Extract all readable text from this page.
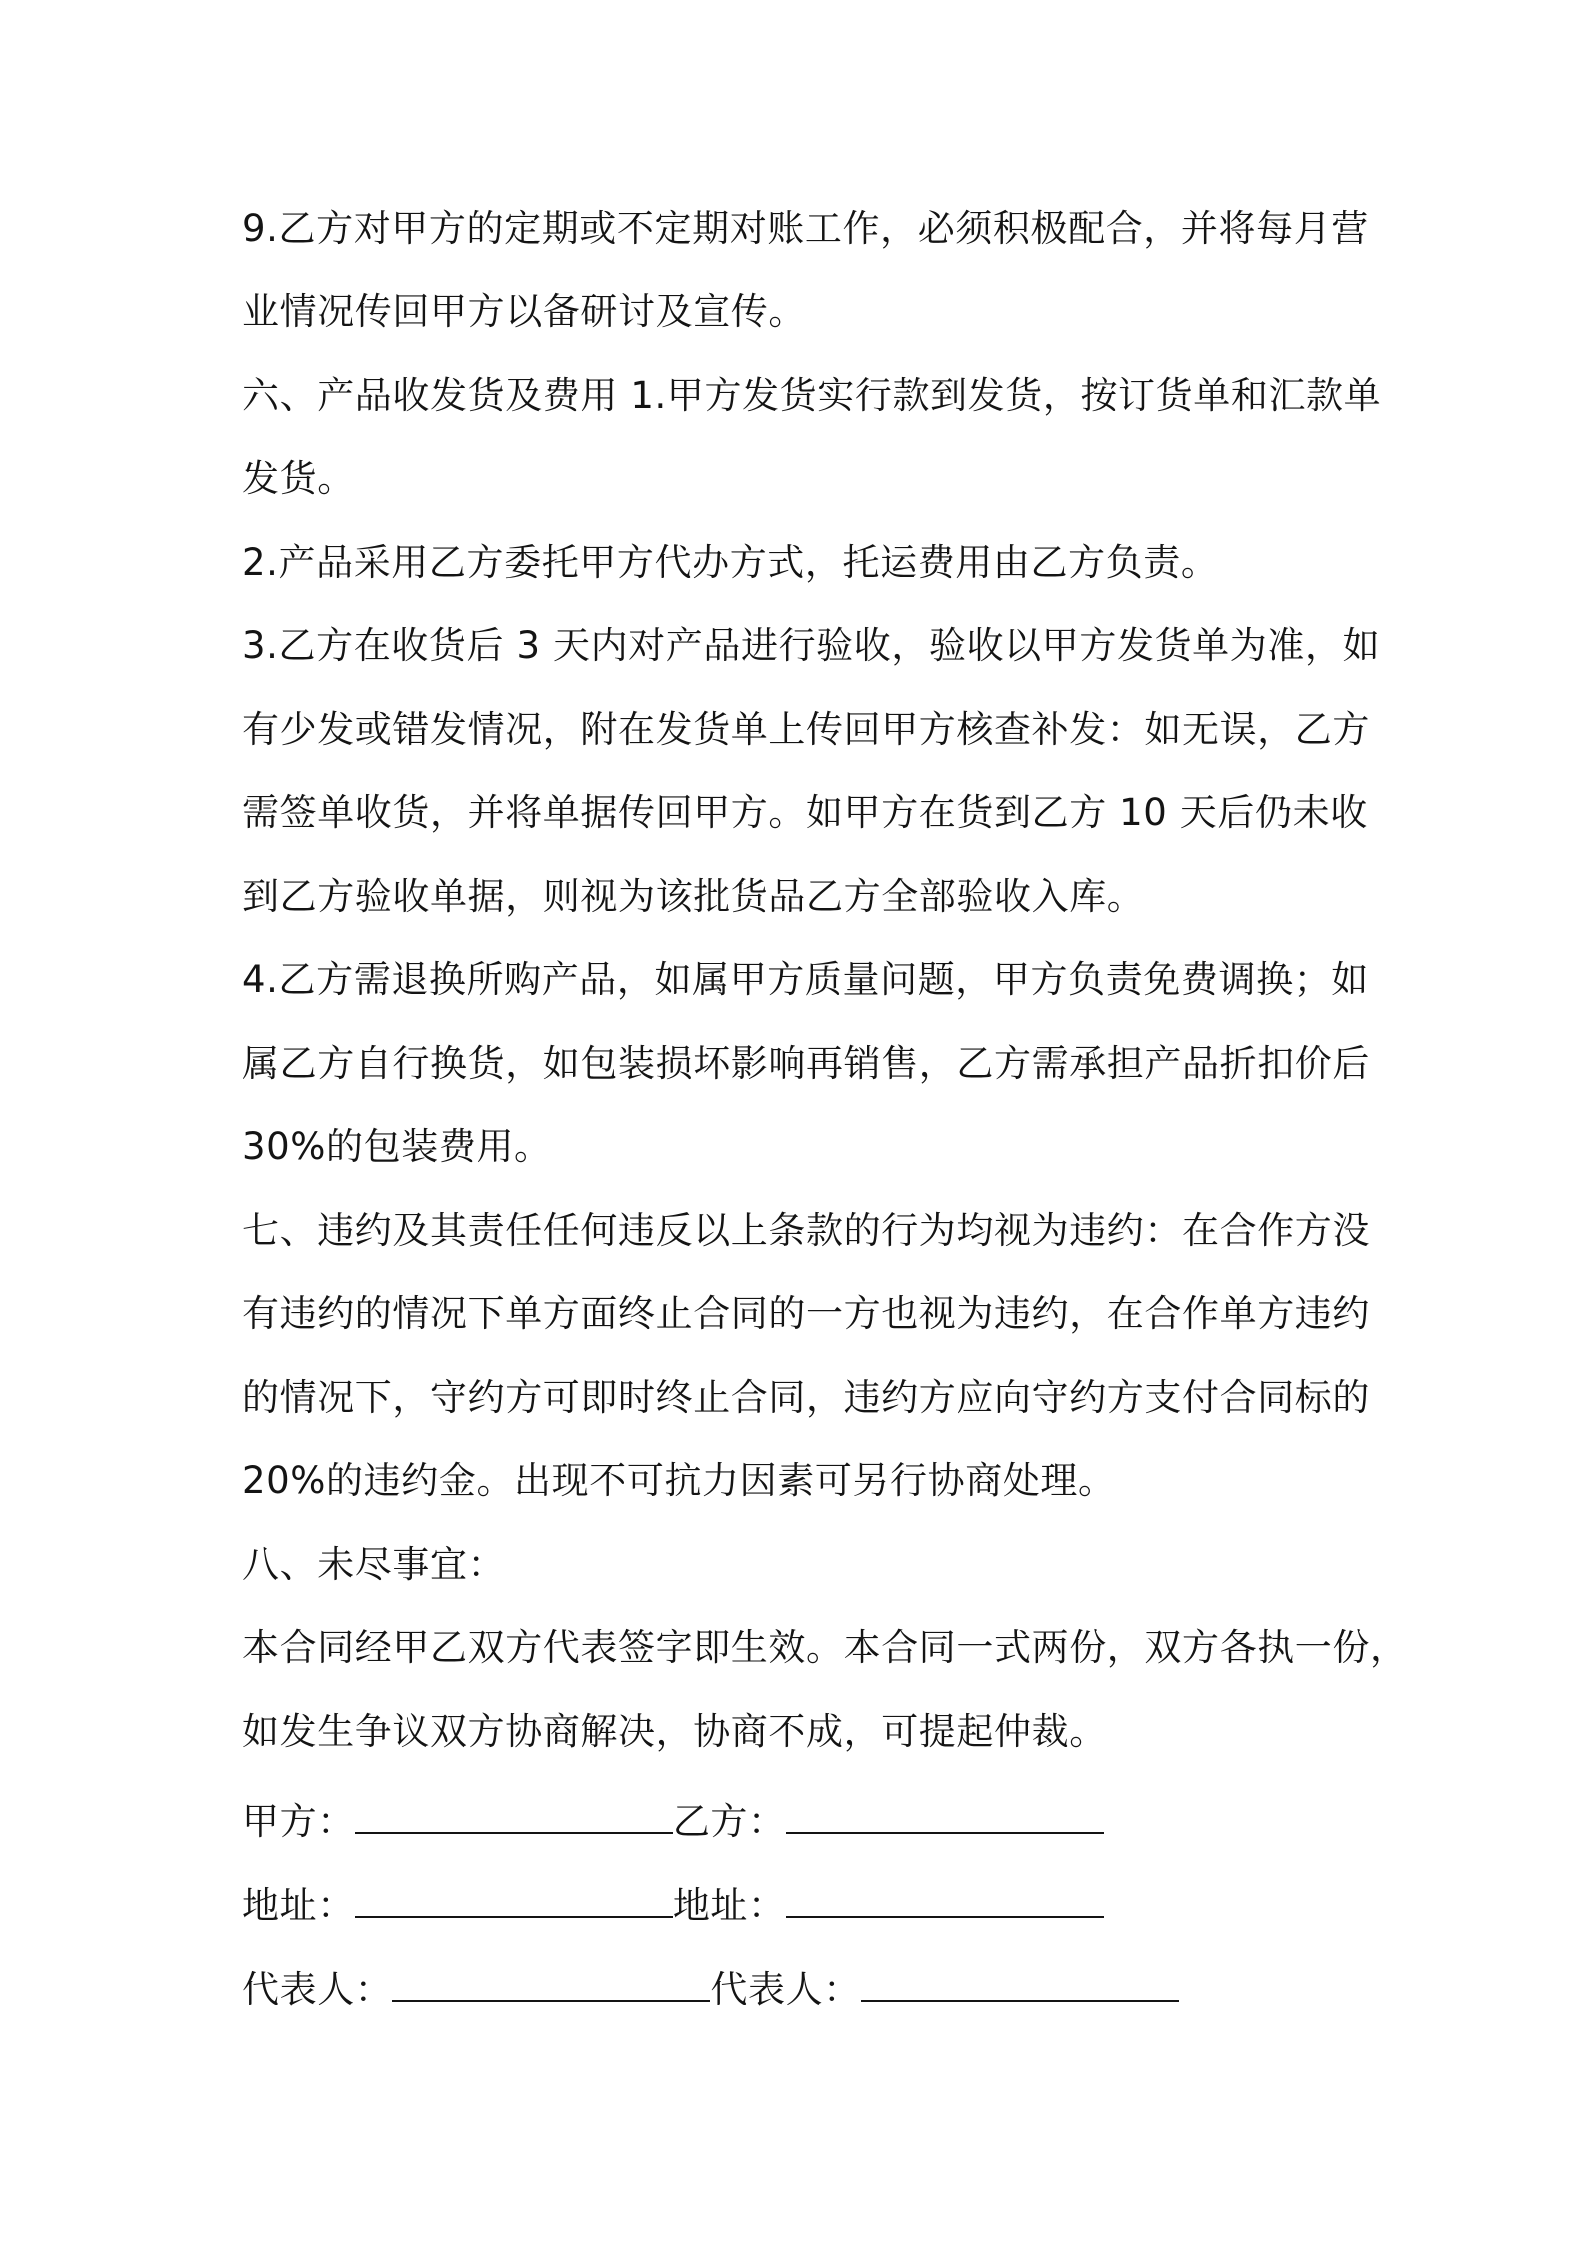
9.乙方对甲方的定期或不定期对账工作，必须积极配合，并将每月营
业情况传回甲方以备研讨及宣传。
六、产品收发货及费用 1.甲方发货实行款到发货，按订货单和汇款单
发货。
2.产品采用乙方委托甲方代办方式，托运费用由乙方负责。
3.乙方在收货后 3 天内对产品进行验收，验收以甲方发货单为准，如
有少发或错发情况，附在发货单上传回甲方核查补发：如无误，乙方
需签单收货，并将单据传回甲方。如甲方在货到乙方 10 天后仍未收
到乙方验收单据，则视为该批货品乙方全部验收入库。
4.乙方需退换所购产品，如属甲方质量问题，甲方负责免费调换；如
属乙方自行换货，如包装损坏影响再销售，乙方需承担产品折扣价后
30%的包装费用。
七、违约及其责任任何违反以上条款的行为均视为违约：在合作方没
有违约的情况下单方面终止合同的一方也视为违约，在合作单方违约
的情况下，守约方可即时终止合同，违约方应向守约方支付合同标的
20%的违约金。出现不可抗力因素可另行协商处理。
八、未尽事宜：
本合同经甲乙双方代表签字即生效。本合同一式两份，双方各执一份，
如发生争议双方协商解决，协商不成，可提起仲裁。
甲方：	乙方：
地址：	地址：
代表人：	代表人：
